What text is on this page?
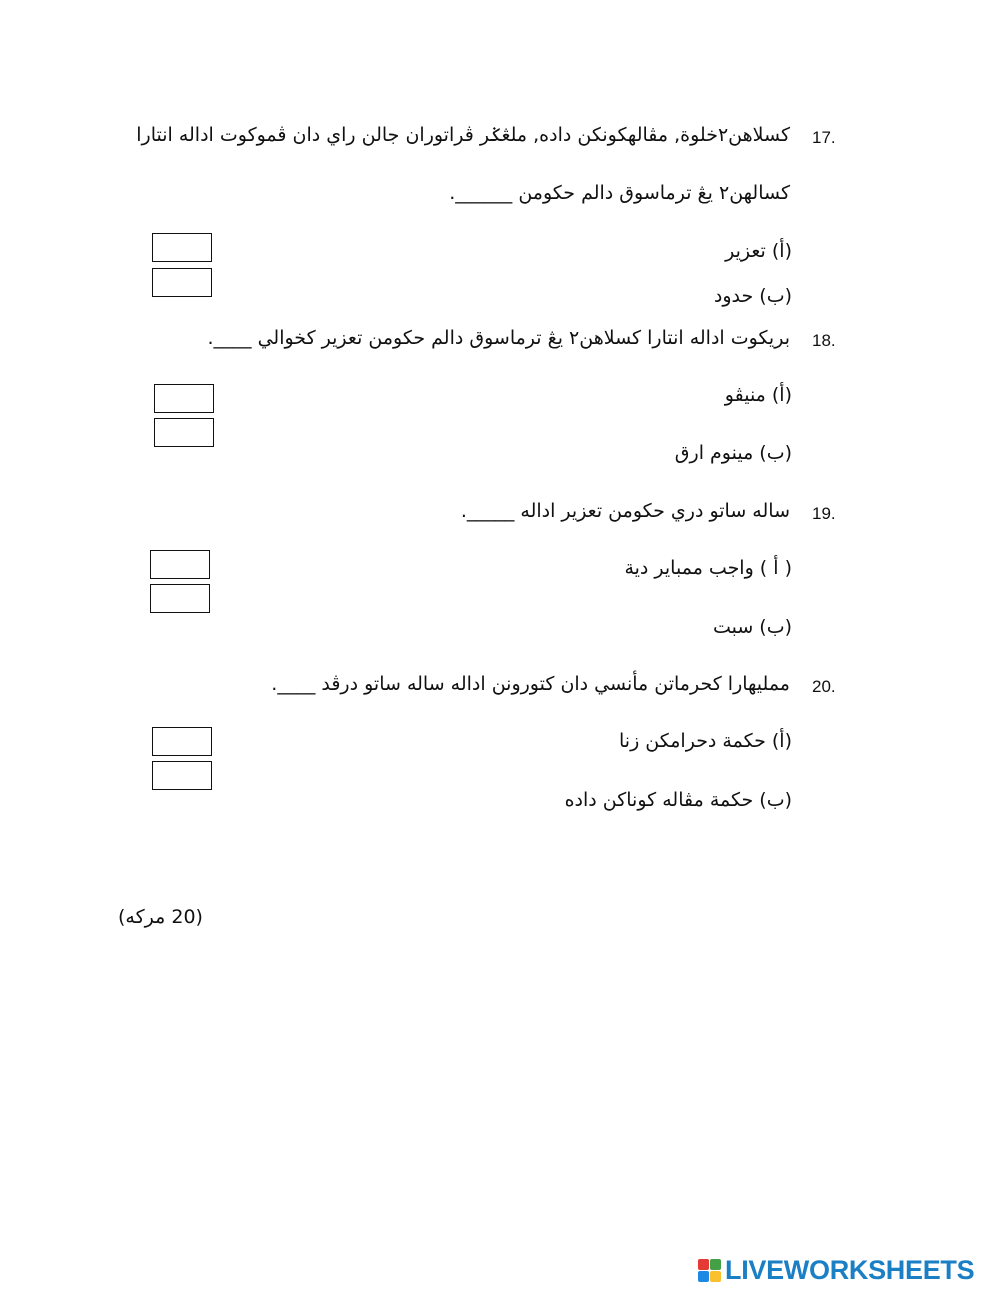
17.
كسلاهن٢خلوة, مڤالهكونكن داده, ملڠݢر ڤراتوران جالن راي دان ڤموكوت اداله انتارا
كسالهن٢ يڠ ترماسوق دالم حكومن ______.
(أ) تعزير
(ب) حدود
18.
بريكوت اداله انتارا كسلاهن٢ يڠ ترماسوق دالم حكومن تعزير كخوالي ____.
(أ) منيڤو
(ب) مينوم ارق
19.
ساله ساتو دري حكومن تعزير اداله _____.
( أ ) واجب ممباير دية
(ب) سبت
20.
مم‍ليهارا كحرماتن مأنسي دان كتورونن اداله ساله ساتو درڤد ____.
(أ) حكمة دحرامكن زنا
(ب) حكمة مڤاله كوناكن داده
(20 مركه)
LIVEWORKSHEETS
